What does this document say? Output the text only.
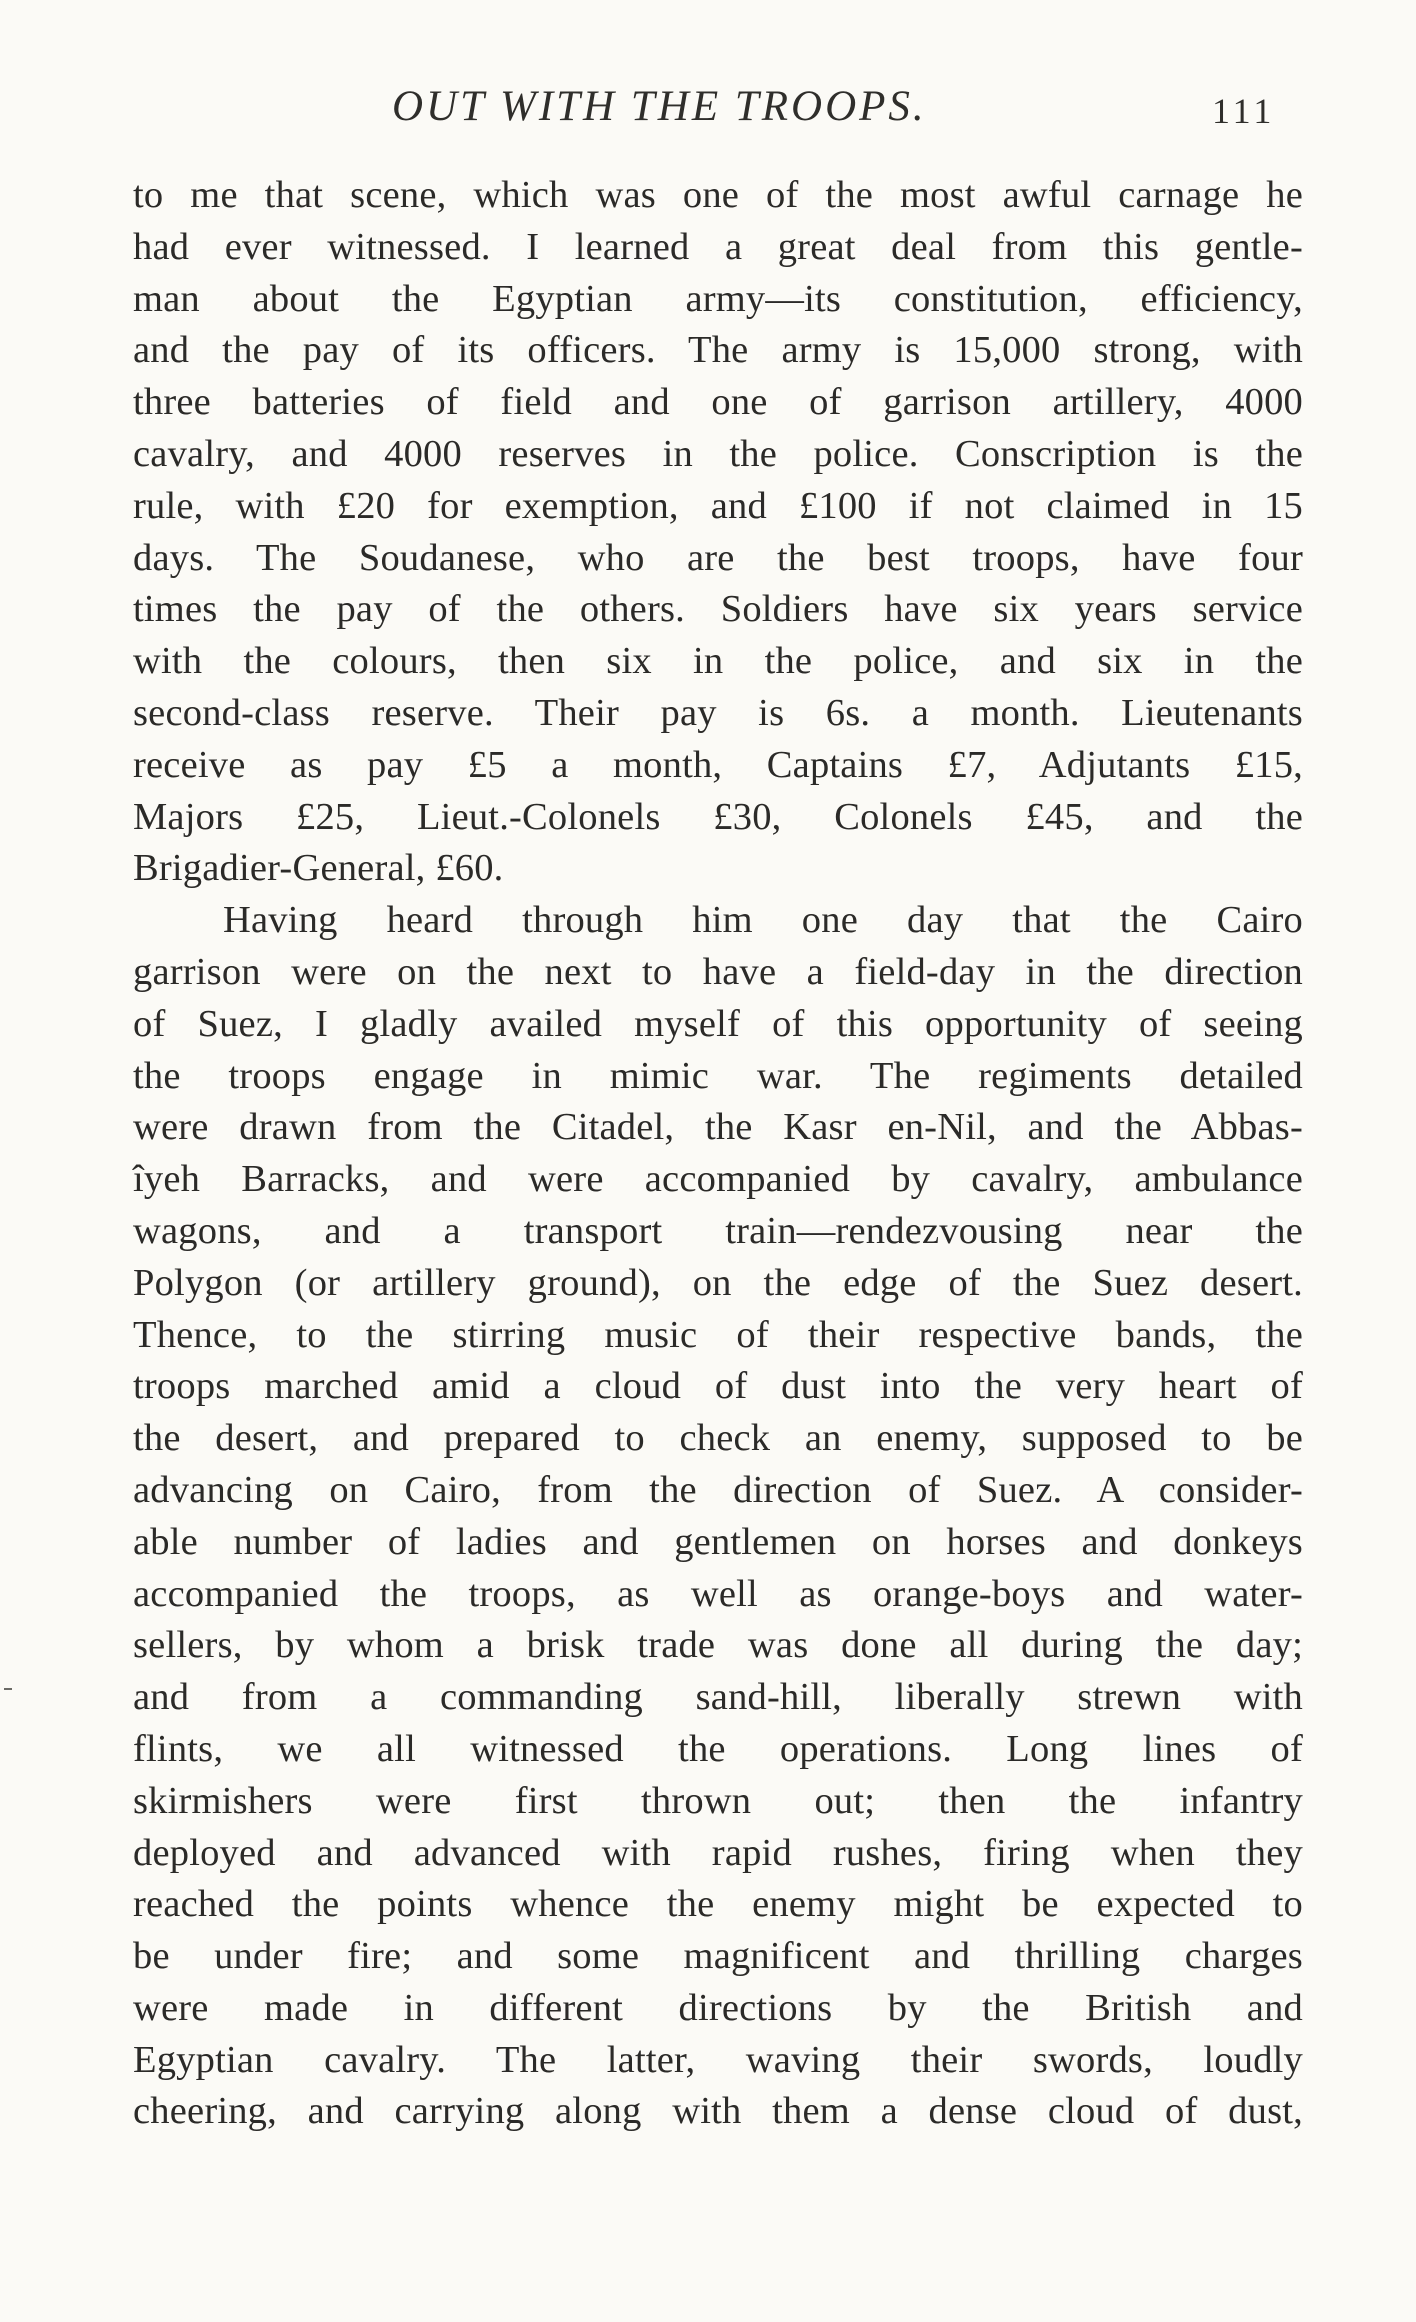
OUT WITH THE TROOPS.	111
to me that scene, which was one of the most awful carnage he
had ever witnessed. I learned a great deal from this gentle-
man about the Egyptian army—its constitution, efficiency,
and the pay of its officers. The army is 15,000 strong, with
three batteries of field and one of garrison artillery, 4000
cavalry, and 4000 reserves in the police. Conscription is the
rule, with £20 for exemption, and £100 if not claimed in 15
days. The Soudanese, who are the best troops, have four
times the pay of the others. Soldiers have six years service
with the colours, then six in the police, and six in the
second-class reserve. Their pay is 6s. a month. Lieutenants
receive as pay £5 a month, Captains £7, Adjutants £15,
Majors £25, Lieut.-Colonels £30, Colonels £45, and the
Brigadier-General, £60.
Having heard through him one day that the Cairo
garrison were on the next to have a field-day in the direction
of Suez, I gladly availed myself of this opportunity of seeing
the troops engage in mimic war. The regiments detailed
were drawn from the Citadel, the Kasr en-Nil, and the Abbas-
îyeh Barracks, and were accompanied by cavalry, ambulance
wagons, and a transport train—rendezvousing near the
Polygon (or artillery ground), on the edge of the Suez desert.
Thence, to the stirring music of their respective bands, the
troops marched amid a cloud of dust into the very heart of
the desert, and prepared to check an enemy, supposed to be
advancing on Cairo, from the direction of Suez. A consider-
able number of ladies and gentlemen on horses and donkeys
accompanied the troops, as well as orange-boys and water-
sellers, by whom a brisk trade was done all during the day;
and from a commanding sand-hill, liberally strewn with
flints, we all witnessed the operations. Long lines of
skirmishers were first thrown out; then the infantry
deployed and advanced with rapid rushes, firing when they
reached the points whence the enemy might be expected to
be under fire; and some magnificent and thrilling charges
were made in different directions by the British and
Egyptian cavalry. The latter, waving their swords, loudly
cheering, and carrying along with them a dense cloud of dust,
